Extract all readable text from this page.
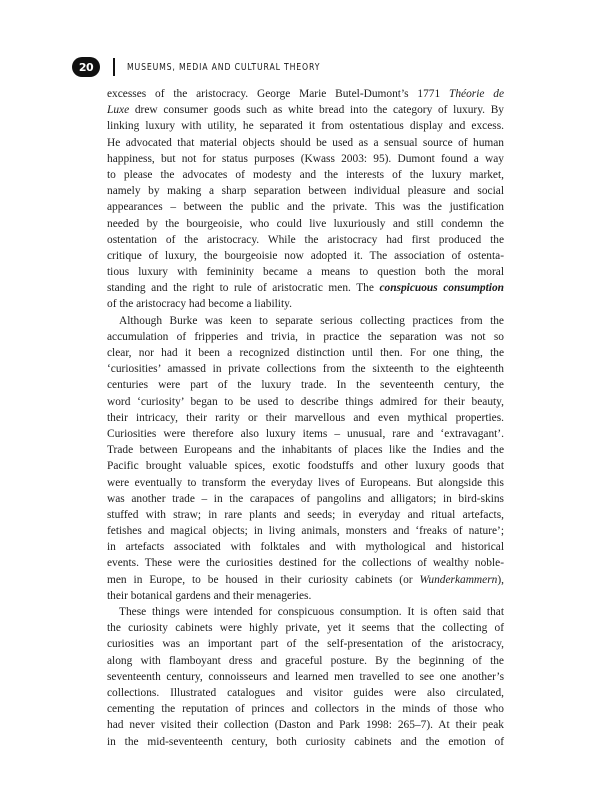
20	MUSEUMS, MEDIA AND CULTURAL THEORY
excesses of the aristocracy. George Marie Butel-Dumont’s 1771 Théorie de
Luxe drew consumer goods such as white bread into the category of luxury. By
linking luxury with utility, he separated it from ostentatious display and excess.
He advocated that material objects should be used as a sensual source of human
happiness, but not for status purposes (Kwass 2003: 95). Dumont found a way
to please the advocates of modesty and the interests of the luxury market,
namely by making a sharp separation between individual pleasure and social
appearances – between the public and the private. This was the justification
needed by the bourgeoisie, who could live luxuriously and still condemn the
ostentation of the aristocracy. While the aristocracy had first produced the
critique of luxury, the bourgeoisie now adopted it. The association of ostenta-
tious luxury with femininity became a means to question both the moral
standing and the right to rule of aristocratic men. The conspicuous consumption
of the aristocracy had become a liability.
Although Burke was keen to separate serious collecting practices from the
accumulation of fripperies and trivia, in practice the separation was not so
clear, nor had it been a recognized distinction until then. For one thing, the
‘curiosities’ amassed in private collections from the sixteenth to the eighteenth
centuries were part of the luxury trade. In the seventeenth century, the
word ‘curiosity’ began to be used to describe things admired for their beauty,
their intricacy, their rarity or their marvellous and even mythical properties.
Curiosities were therefore also luxury items – unusual, rare and ‘extravagant’.
Trade between Europeans and the inhabitants of places like the Indies and the
Pacific brought valuable spices, exotic foodstuffs and other luxury goods that
were eventually to transform the everyday lives of Europeans. But alongside this
was another trade – in the carapaces of pangolins and alligators; in bird-skins
stuffed with straw; in rare plants and seeds; in everyday and ritual artefacts,
fetishes and magical objects; in living animals, monsters and ‘freaks of nature’;
in artefacts associated with folktales and with mythological and historical
events. These were the curiosities destined for the collections of wealthy noble-
men in Europe, to be housed in their curiosity cabinets (or Wunderkammern),
their botanical gardens and their menageries.
These things were intended for conspicuous consumption. It is often said that
the curiosity cabinets were highly private, yet it seems that the collecting of
curiosities was an important part of the self-presentation of the aristocracy,
along with flamboyant dress and graceful posture. By the beginning of the
seventeenth century, connoisseurs and learned men travelled to see one another’s
collections. Illustrated catalogues and visitor guides were also circulated,
cementing the reputation of princes and collectors in the minds of those who
had never visited their collection (Daston and Park 1998: 265–7). At their peak
in the mid-seventeenth century, both curiosity cabinets and the emotion of
